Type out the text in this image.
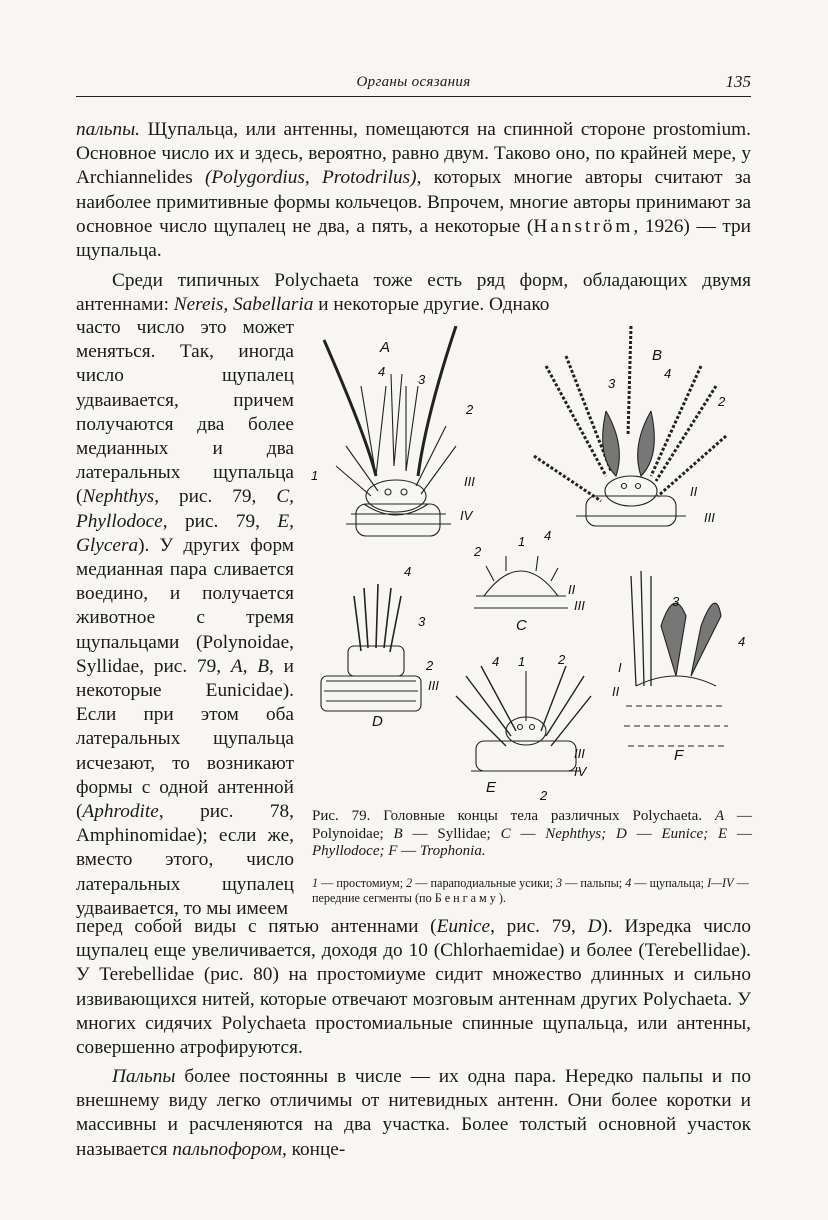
Органы осязания	135

пальпы. Щупальца, или антенны, помещаются на спинной стороне prostomium. Основное число их и здесь, вероятно, равно двум. Таково оно, по крайней мере, у Archiannelides (Polygordius, Protodrilus), которых многие авторы считают за наиболее примитивные формы кольчецов. Впрочем, многие авторы принимают за основное число щупалец не два, а пять, а некоторые (Hanström, 1926) — три щупальца.

Среди типичных Polychaeta тоже есть ряд форм, обладающих двумя антеннами: Nereis, Sabellaria и некоторые другие. Однако

часто число это может меняться. Так, иногда число щупалец удваивается, причем получаются два более медианных и два латеральных щупальца (Nephthys, рис. 79, C, Phyllodoce, рис. 79, E, Glycera). У других форм медианная пара сливается воедино, и получается животное с тремя щупальцами (Polynoidae, Syllidae, рис. 79, A, B, и некоторые Eunicidae). Если при этом оба латеральных щупальца исчезают, то возникают формы с одной антенной (Aphrodite, рис. 78, Amphinomidae); если же, вместо этого, число латеральных щупалец удваивается, то мы имеем

перед собой виды с пятью антеннами (Eunice, рис. 79, D). Изредка число щупалец еще увеличивается, доходя до 10 (Chlorhaemidae) и более (Terebellidae). У Terebellidae (рис. 80) на простомиуме сидит множество длинных и сильно извивающихся нитей, которые отвечают мозговым антеннам других Polychaeta. У многих сидячих Polychaeta простомиальные спинные щупальца, или антенны, совершенно атрофируются.

Пальпы более постоянны в числе — их одна пара. Нередко пальпы и по внешнему виду легко отличимы от нитевидных антенн. Они более коротки и массивны и расчленяются на два участка. Более толстый основной участок называется пальпофором, конце-

A	B
C
D
E
F
4
3
2
1	III
IV
3
4
2
II
III
2
1 4
II
III
4
3
2
III
4 1	2
III
IV
2
3
4
I
II
Рис. 79. Головные концы тела различных Polychaeta. A — Polynoidae; B — Syllidae; C — Nephthys; D — Eunice; E — Phyllodoce; F — Trophonia.
1 — простомиум; 2 — параподиальные усики; 3 — пальпы; 4 — щупальца; I—IV — передние сегменты (по Бенгаму).
